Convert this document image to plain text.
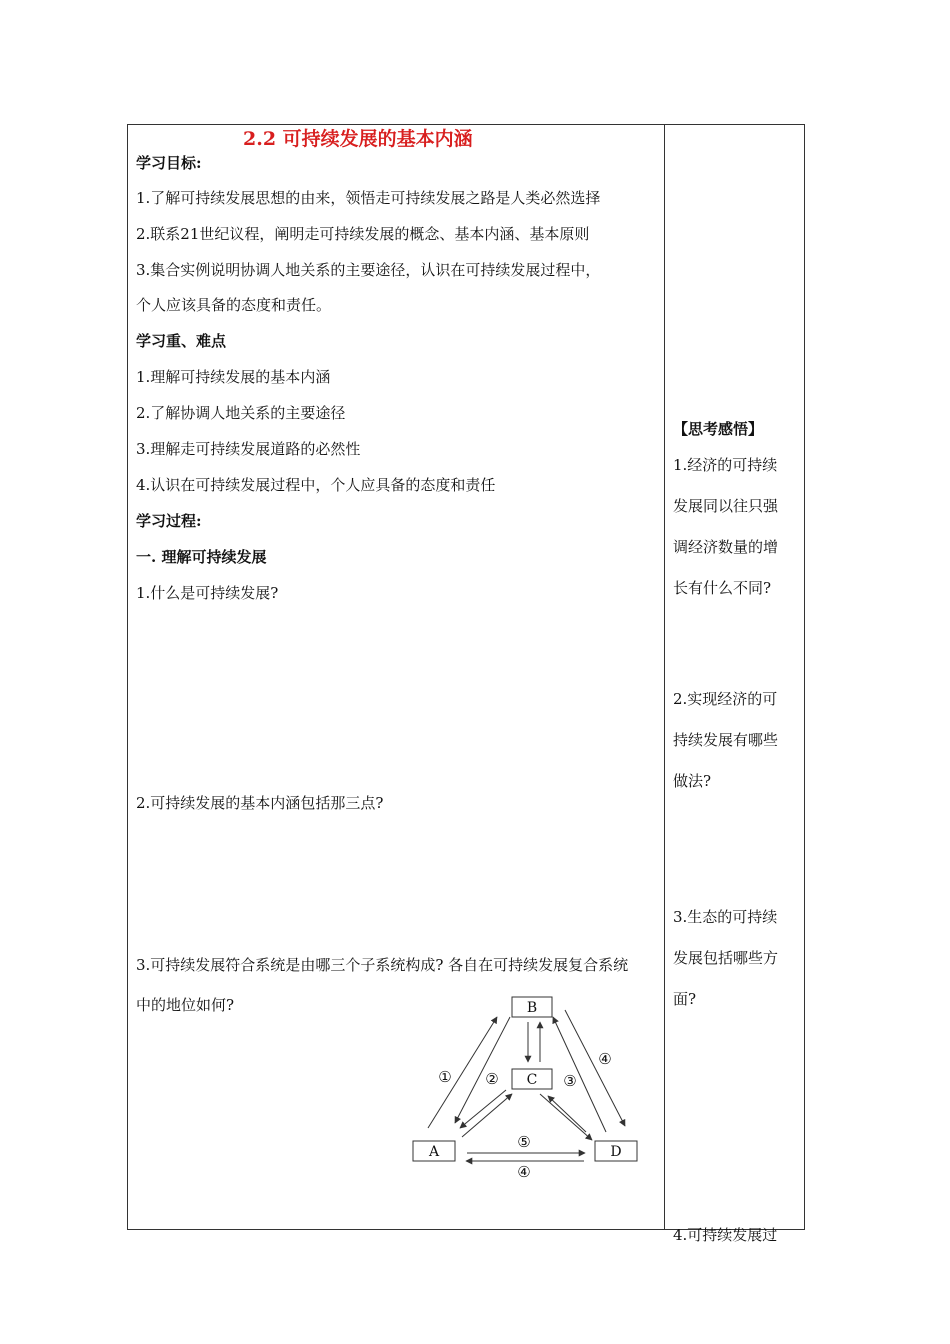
2.2 可持续发展的基本内涵
学习目标:
1.了解可持续发展思想的由来，领悟走可持续发展之路是人类必然选择
2.联系21世纪议程，阐明走可持续发展的概念、基本内涵、基本原则
3.集合实例说明协调人地关系的主要途径，认识在可持续发展过程中，
个人应该具备的态度和责任。
学习重、难点
1.理解可持续发展的基本内涵
2.了解协调人地关系的主要途径
3.理解走可持续发展道路的必然性
4.认识在可持续发展过程中，个人应具备的态度和责任
学习过程:
一. 理解可持续发展
1.什么是可持续发展?
2.可持续发展的基本内涵包括那三点?
3.可持续发展符合系统是由哪三个子系统构成? 各自在可持续发展复合系统
中的地位如何?
【思考感悟】
1.经济的可持续
发展同以往只强
调经济数量的增
长有什么不同?
2.实现经济的可
持续发展有哪些
做法?
3.生态的可持续
发展包括哪些方
面?
4.可持续发展过
B
C
A	D
① ②	③
④
⑤
④
